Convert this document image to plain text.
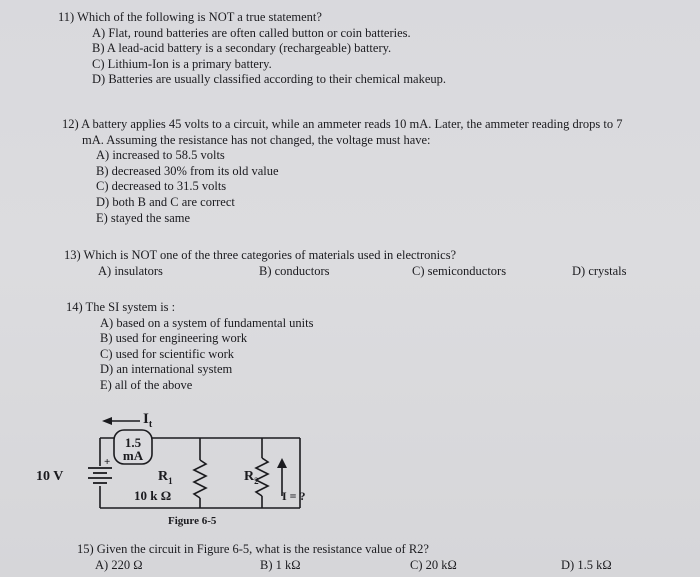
11) Which of the following is NOT a true statement?
A) Flat, round batteries are often called button or coin batteries.
B) A lead-acid battery is a secondary (rechargeable) battery.
C) Lithium-Ion is a primary battery.
D) Batteries are usually classified according to their chemical makeup.
12) A battery applies 45 volts to a circuit, while an ammeter reads 10 mA. Later, the ammeter reading drops to 7
mA. Assuming the resistance has not changed, the voltage must have:
A) increased to 58.5 volts
B) decreased 30% from its old value
C) decreased to 31.5 volts
D) both B and C are correct
E) stayed the same
13) Which is NOT one of the three categories of materials used in electronics?
A) insulators	B) conductors	C) semiconductors	D) crystals
14) The SI system is :
A) based on a system of fundamental units
B) used for engineering work
C) used for scientific work
D) an international system
E) all of the above
$I_t$
1.5
mA
+
10 V	$R_1$
10 k Ω
$R_2$
I = ?
Figure 6-5
15) Given the circuit in Figure 6-5, what is the resistance value of R2?
A) 220 Ω	B) 1 kΩ	C) 20 kΩ	D) 1.5 kΩ
